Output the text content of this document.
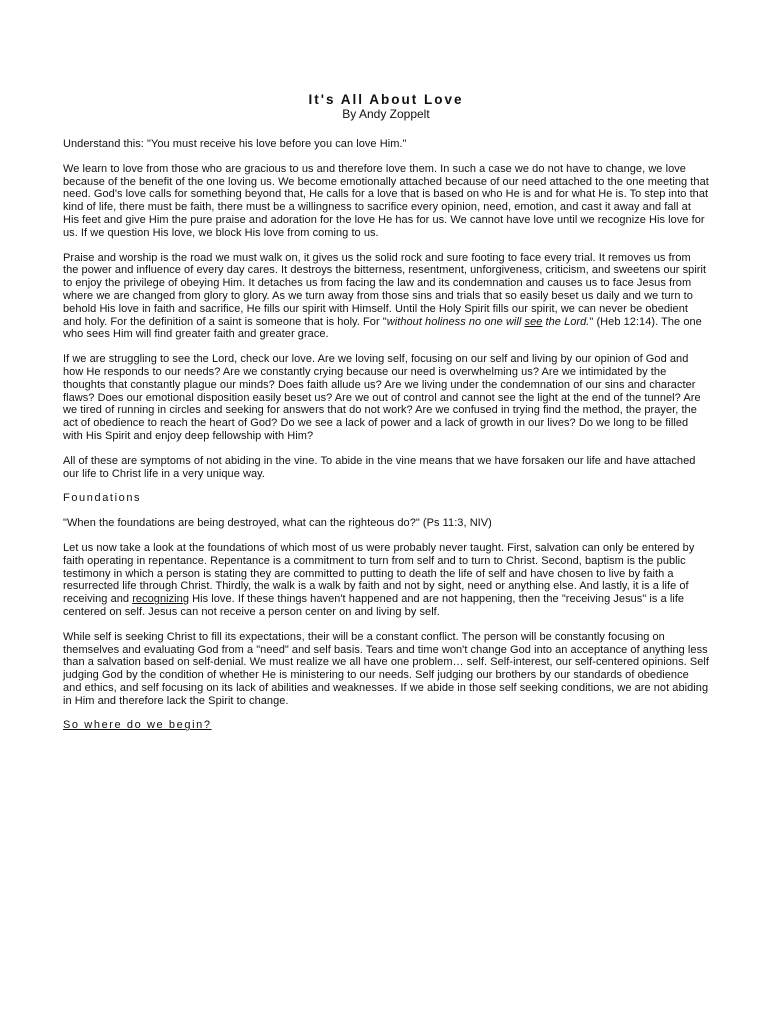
It's All About Love
By Andy Zoppelt

Understand this: "You must receive his love before you can love Him."

We learn to love from those who are gracious to us and therefore love them. In such a case we do not have to change, we love because of the benefit of the one loving us. We become emotionally attached because of our need attached to the one meeting that need. God's love calls for something beyond that, He calls for a love that is based on who He is and for what He is. To step into that kind of life, there must be faith, there must be a willingness to sacrifice every opinion, need, emotion, and cast it away and fall at His feet and give Him the pure praise and adoration for the love He has for us. We cannot have love until we recognize His love for us. If we question His love, we block His love from coming to us.

Praise and worship is the road we must walk on, it gives us the solid rock and sure footing to face every trial. It removes us from the power and influence of every day cares. It destroys the bitterness, resentment, unforgiveness, criticism, and sweetens our spirit to enjoy the privilege of obeying Him. It detaches us from facing the law and its condemnation and causes us to face Jesus from where we are changed from glory to glory. As we turn away from those sins and trials that so easily beset us daily and we turn to behold His love in faith and sacrifice, He fills our spirit with Himself. Until the Holy Spirit fills our spirit, we can never be obedient and holy. For the definition of a saint is someone that is holy. For "without holiness no one will see the Lord." (Heb 12:14). The one who sees Him will find greater faith and greater grace.

If we are struggling to see the Lord, check our love. Are we loving self, focusing on our self and living by our opinion of God and how He responds to our needs? Are we constantly crying because our need is overwhelming us? Are we intimidated by the thoughts that constantly plague our minds? Does faith allude us? Are we living under the condemnation of our sins and character flaws? Does our emotional disposition easily beset us? Are we out of control and cannot see the light at the end of the tunnel? Are we tired of running in circles and seeking for answers that do not work? Are we confused in trying find the method, the prayer, the act of obedience to reach the heart of God? Do we see a lack of power and a lack of growth in our lives? Do we long to be filled with His Spirit and enjoy deep fellowship with Him?

All of these are symptoms of not abiding in the vine. To abide in the vine means that we have forsaken our life and have attached our life to Christ life in a very unique way.

Foundations

"When the foundations are being destroyed, what can the righteous do?" (Ps 11:3, NIV)

Let us now take a look at the foundations of which most of us were probably never taught. First, salvation can only be entered by faith operating in repentance. Repentance is a commitment to turn from self and to turn to Christ. Second, baptism is the public testimony in which a person is stating they are committed to putting to death the life of self and have chosen to live by faith a resurrected life through Christ. Thirdly, the walk is a walk by faith and not by sight, need or anything else. And lastly, it is a life of receiving and recognizing His love. If these things haven't happened and are not happening, then the "receiving Jesus" is a life centered on self. Jesus can not receive a person center on and living by self.

While self is seeking Christ to fill its expectations, their will be a constant conflict. The person will be constantly focusing on themselves and evaluating God from a "need" and self basis. Tears and time won't change God into an acceptance of anything less than a salvation based on self-denial. We must realize we all have one problem… self. Self-interest, our self-centered opinions. Self judging God by the condition of whether He is ministering to our needs. Self judging our brothers by our standards of obedience and ethics, and self focusing on its lack of abilities and weaknesses. If we abide in those self seeking conditions, we are not abiding in Him and therefore lack the Spirit to change.

So where do we begin?
